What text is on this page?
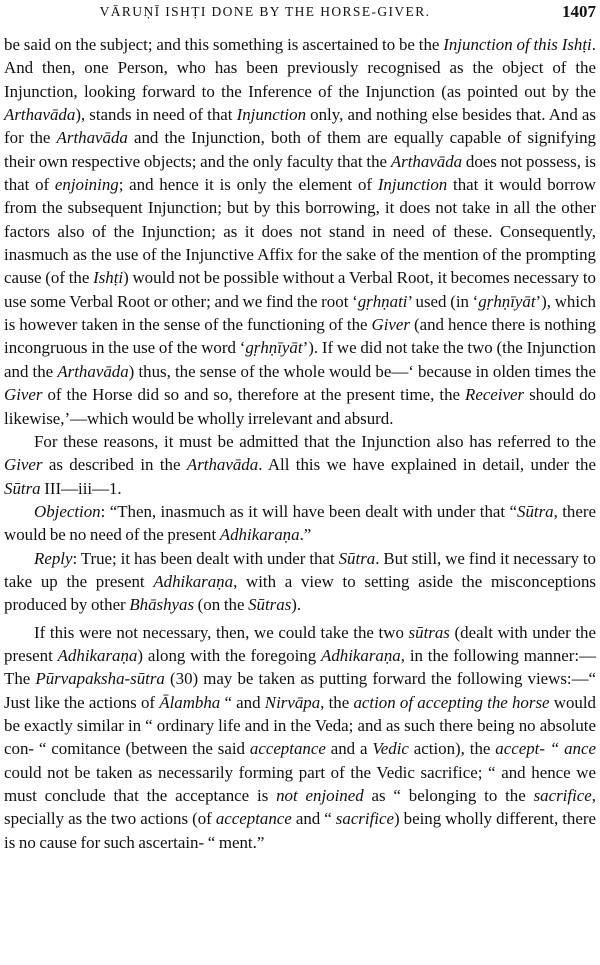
VĀRUṆĪ ISHṬI DONE BY THE HORSE-GIVER.	1407

be said on the subject; and this something is ascertained to be the Injunction of this Ishṭi. And then, one Person, who has been previously recognised as the object of the Injunction, looking forward to the Inference of the Injunction (as pointed out by the Arthavāda), stands in need of that Injunction only, and nothing else besides that. And as for the Arthavāda and the Injunction, both of them are equally capable of signifying their own respective objects; and the only faculty that the Arthavāda does not possess, is that of enjoining; and hence it is only the element of Injunction that it would borrow from the subsequent Injunction; but by this borrowing, it does not take in all the other factors also of the Injunction; as it does not stand in need of these. Consequently, inasmuch as the use of the Injunctive Affix for the sake of the mention of the prompting cause (of the Ishṭi) would not be possible without a Verbal Root, it becomes necessary to use some Verbal Root or other; and we find the root ‘gṛhṇati’ used (in ‘gṛhṇīyāt’), which is however taken in the sense of the functioning of the Giver (and hence there is nothing incongruous in the use of the word ‘gṛhṇīyāt’). If we did not take the two (the Injunction and the Arthavāda) thus, the sense of the whole would be—‘ because in olden times the Giver of the Horse did so and so, therefore at the present time, the Receiver should do likewise,’—which would be wholly irrelevant and absurd.

For these reasons, it must be admitted that the Injunction also has referred to the Giver as described in the Arthavāda. All this we have explained in detail, under the Sūtra III—iii—1.

Objection: “Then, inasmuch as it will have been dealt with under that “Sūtra, there would be no need of the present Adhikaraṇa.”

Reply: True; it has been dealt with under that Sūtra. But still, we find it necessary to take up the present Adhikaraṇa, with a view to setting aside the misconceptions produced by other Bhāshyas (on the Sūtras).

If this were not necessary, then, we could take the two sūtras (dealt with under the present Adhikaraṇa) along with the foregoing Adhikaraṇa, in the following manner:—The Pūrvapaksha-sūtra (30) may be taken as putting forward the following views:—“ Just like the actions of Ālambha “ and Nirvāpa, the action of accepting the horse would be exactly similar in “ ordinary life and in the Veda; and as such there being no absolute con- “ comitance (between the said acceptance and a Vedic action), the accept- “ ance could not be taken as necessarily forming part of the Vedic sacrifice; “ and hence we must conclude that the acceptance is not enjoined as “ belonging to the sacrifice, specially as the two actions (of acceptance and “ sacrifice) being wholly different, there is no cause for such ascertain- “ ment.”
